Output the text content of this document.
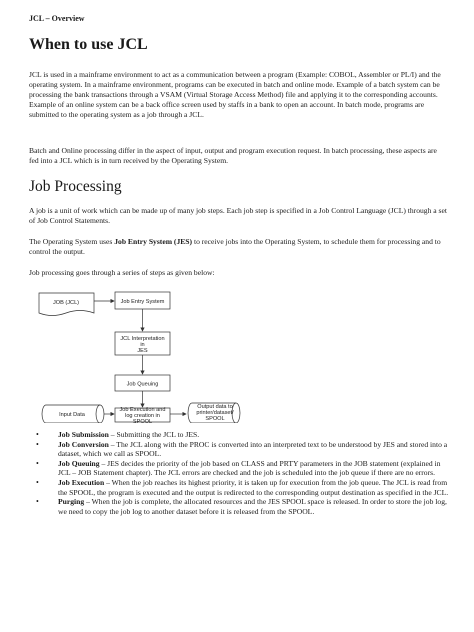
JCL – Overview
When to use JCL

JCL is used in a mainframe environment to act as a communication between a program (Example: COBOL, Assembler or PL/I) and the operating system. In a mainframe environment, programs can be executed in batch and online mode. Example of a batch system can be processing the bank transactions through a VSAM (Virtual Storage Access Method) file and applying it to the corresponding accounts. Example of an online system can be a back office screen used by staffs in a bank to open an account. In batch mode, programs are submitted to the operating system as a job through a JCL.

Batch and Online processing differ in the aspect of input, output and program execution request. In batch processing, these aspects are fed into a JCL which is in turn received by the Operating System.

Job Processing

A job is a unit of work which can be made up of many job steps. Each job step is specified in a Job Control Language (JCL) through a set of Job Control Statements.

The Operating System uses Job Entry System (JES) to receive jobs into the Operating System, to schedule them for processing and to control the output.

Job processing goes through a series of steps as given below:

JOB (JCL)	Job Entry System
JCL Interpretation
in
JES
Job Queuing
Input Data
Job Execution and
log creation in
SPOOL
Output data to
printer/dataset/
SPOOL
•	Job Submission – Submitting the JCL to JES.
•	Job Conversion – The JCL along with the PROC is converted into an interpreted text to be understood by JES and stored into a dataset, which we call as SPOOL.
•	Job Queuing – JES decides the priority of the job based on CLASS and PRTY parameters in the JOB statement (explained in JCL – JOB Statement chapter). The JCL errors are checked and the job is scheduled into the job queue if there are no errors.
•	Job Execution – When the job reaches its highest priority, it is taken up for execution from the job queue. The JCL is read from the SPOOL, the program is executed and the output is redirected to the corresponding output destination as specified in the JCL.
•	Purging – When the job is complete, the allocated resources and the JES SPOOL space is released. In order to store the job log, we need to copy the job log to another dataset before it is released from the SPOOL.
